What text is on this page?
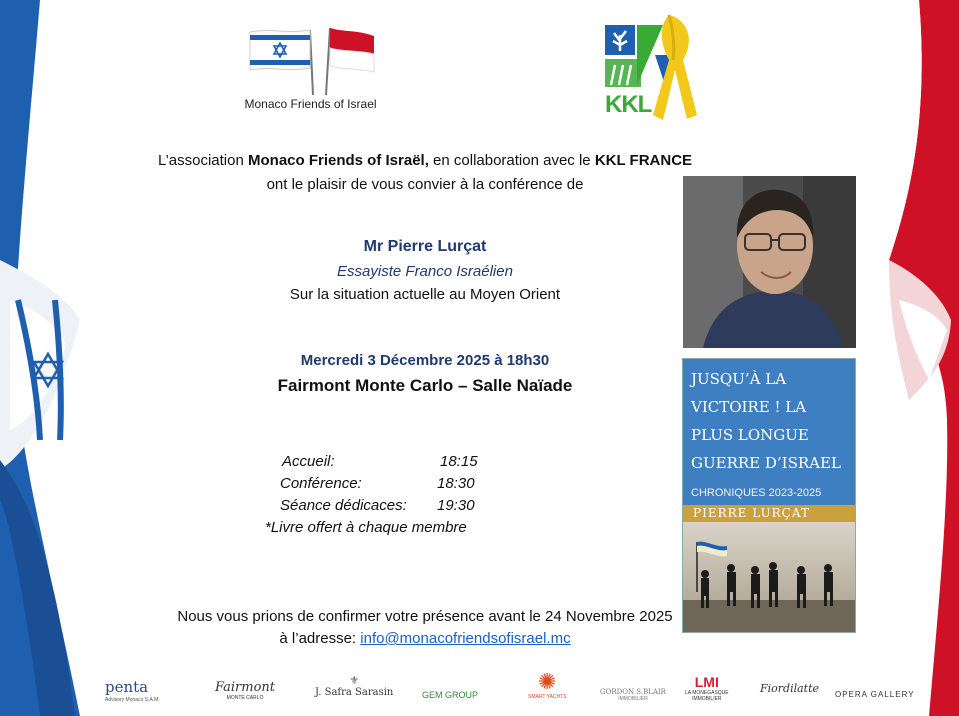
Monaco Friends of Israel	KKL
L’association Monaco Friends of Israël, en collaboration avec le KKL FRANCE
ont le plaisir de vous convier à la conférence de
Mr Pierre Lurçat
Essayiste Franco Israélien
Sur la situation actuelle au Moyen Orient
Mercredi 3 Décembre 2025 à 18h30
Fairmont Monte Carlo – Salle Naïade
Accueil:	18:15
Conférence:	18:30
Séance dédicaces: 19:30
*Livre offert à chaque membre
Nous vous prions de confirmer votre présence avant le 24 Novembre 2025
à l’adresse: info@monacofriendsofisrael.mc
JUSQU’À LA
VICTOIRE ! LA
PLUS LONGUE
GUERRE D’ISRAEL
CHRONIQUES 2023-2025
PIERRE LURÇAT
penta
Advisory Monaco S.A.M.
Fairmont
MONTE CARLO
⚜
J. Safra Sarasin	GEM GROUP
✺
SMART YACHTS
GORDON S.BLAIR
IMMOBILIER
LMI
LA MONEGASQUE
IMMOBILIER
Fiordilatte OPERA GALLERY
